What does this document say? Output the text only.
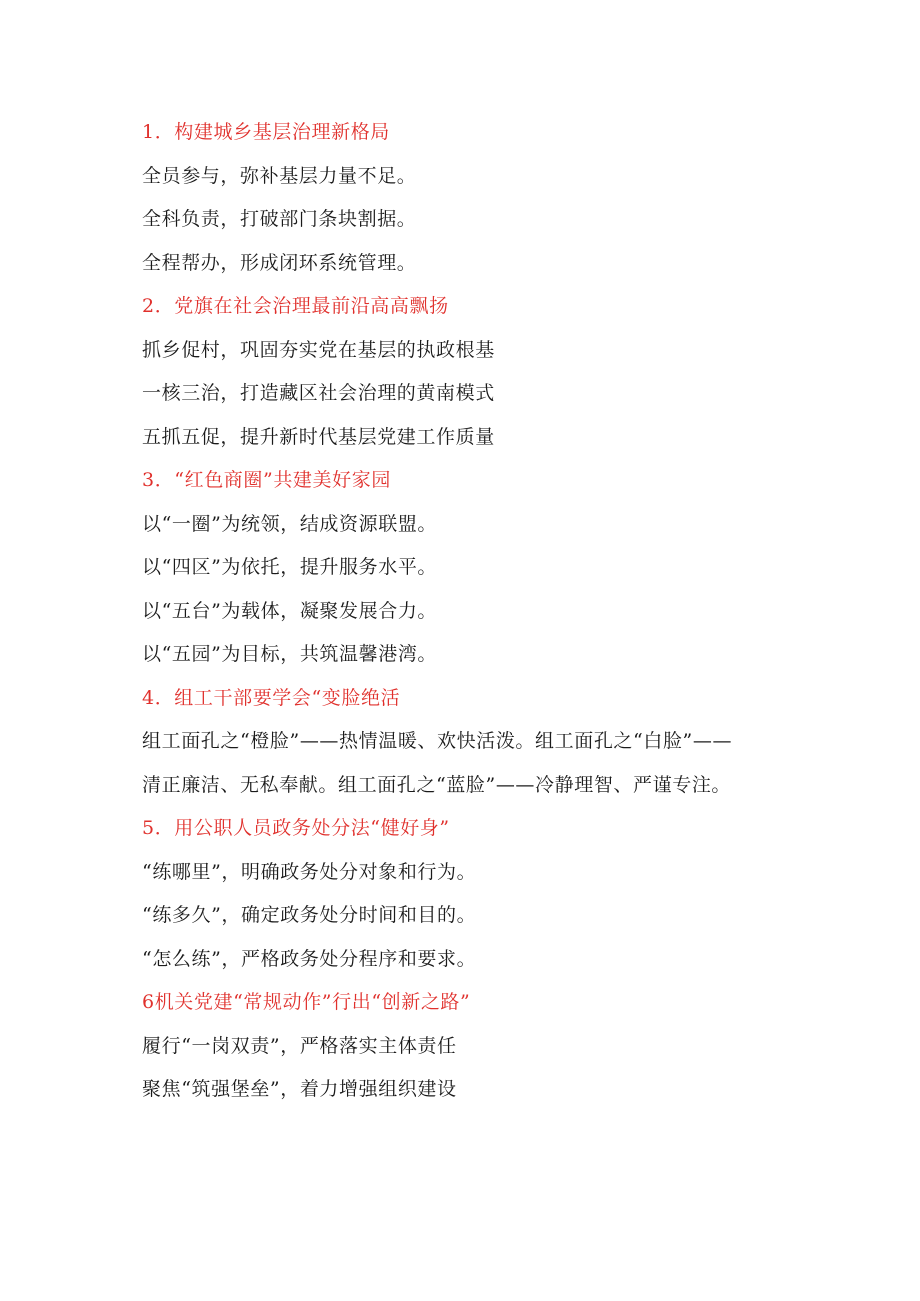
1．构建城乡基层治理新格局
全员参与，弥补基层力量不足。
全科负责，打破部门条块割据。
全程帮办，形成闭环系统管理。
2．党旗在社会治理最前沿高高飘扬
抓乡促村，巩固夯实党在基层的执政根基
一核三治，打造藏区社会治理的黄南模式
五抓五促，提升新时代基层党建工作质量
3．“红色商圈”共建美好家园
以“一圈”为统领，结成资源联盟。
以“四区”为依托，提升服务水平。
以“五台”为载体，凝聚发展合力。
以“五园”为目标，共筑温馨港湾。
4．组工干部要学会“变脸绝活
组工面孔之“橙脸”——热情温暖、欢快活泼。组工面孔之“白脸”——
清正廉洁、无私奉献。组工面孔之“蓝脸”——冷静理智、严谨专注。
5．用公职人员政务处分法“健好身”
“练哪里”，明确政务处分对象和行为。
“练多久”，确定政务处分时间和目的。
“怎么练”，严格政务处分程序和要求。
6机关党建“常规动作”行出“创新之路”
履行“一岗双责”，严格落实主体责任
聚焦“筑强堡垒”，着力增强组织建设
